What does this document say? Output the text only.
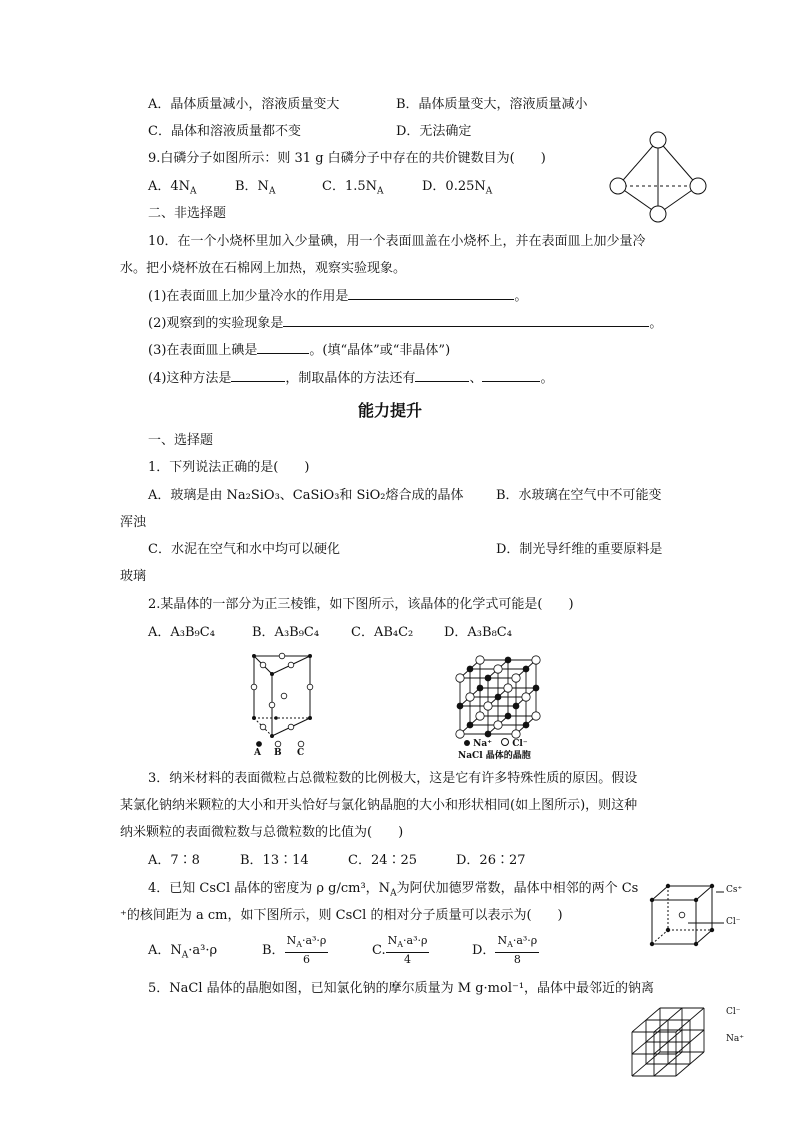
A．晶体质量减小，溶液质量变大	B．晶体质量变大，溶液质量减小
C．晶体和溶液质量都不变	D．无法确定
9.白磷分子如图所示：则 31 g 白磷分子中存在的共价键数目为(　　)
A．$4N_A$	B．$N_A$	C．$1.5N_A$	D．$0.25N_A$
二、非选择题
10．在一个小烧杯里加入少量碘，用一个表面皿盖在小烧杯上，并在表面皿上加少量冷
水。把小烧杯放在石棉网上加热，观察实验现象。
(1)在表面皿上加少量冷水的作用是	。
(2)观察到的实验现象是	。
(3)在表面皿上碘是	。(填“晶体”或“非晶体”)
(4)这种方法是	，制取晶体的方法还有	、	。
能力提升
一、选择题
1．下列说法正确的是(　　)
A．玻璃是由 Na₂SiO₃、CaSiO₃和 SiO₂熔合成的晶体	B．水玻璃在空气中不可能变
浑浊
C．水泥在空气和水中均可以硬化	D．制光导纤维的重要原料是
玻璃
2.某晶体的一部分为正三棱锥，如下图所示，该晶体的化学式可能是(　　)
A．A₃B₉C₄	B．A₃B₉C₄ C．AB₄C₂ D．A₃B₈C₄
A B C
Na⁺ Cl⁻
NaCl 晶体的晶胞
3．纳米材料的表面微粒占总微粒数的比例极大，这是它有许多特殊性质的原因。假设
某氯化钠纳米颗粒的大小和开头恰好与氯化钠晶胞的大小和形状相同(如上图所示)，则这种
纳米颗粒的表面微粒数与总微粒数的比值为(　　)
A．7∶8	B．13∶14	C．24∶25	D．26∶27
4．已知 CsCl 晶体的密度为 ρ g/cm³，$N_A$为阿伏加德罗常数，晶体中相邻的两个 Cs
⁺的核间距为 a cm，如下图所示，则 CsCl 的相对分子质量可以表示为(　　)
A．$N_A\cdot a^3\cdot\rho$	B． $\frac{N_A\cdot a^3\cdot\rho}{6}$	C. $\frac{N_A\cdot a^3\cdot\rho}{4}$	D． $\frac{N_A\cdot a^3\cdot\rho}{8}$
Cs⁺
Cl⁻
5．NaCl 晶体的晶胞如图，已知氯化钠的摩尔质量为 M g·mol⁻¹，晶体中最邻近的钠离
Cl⁻
Na⁺
